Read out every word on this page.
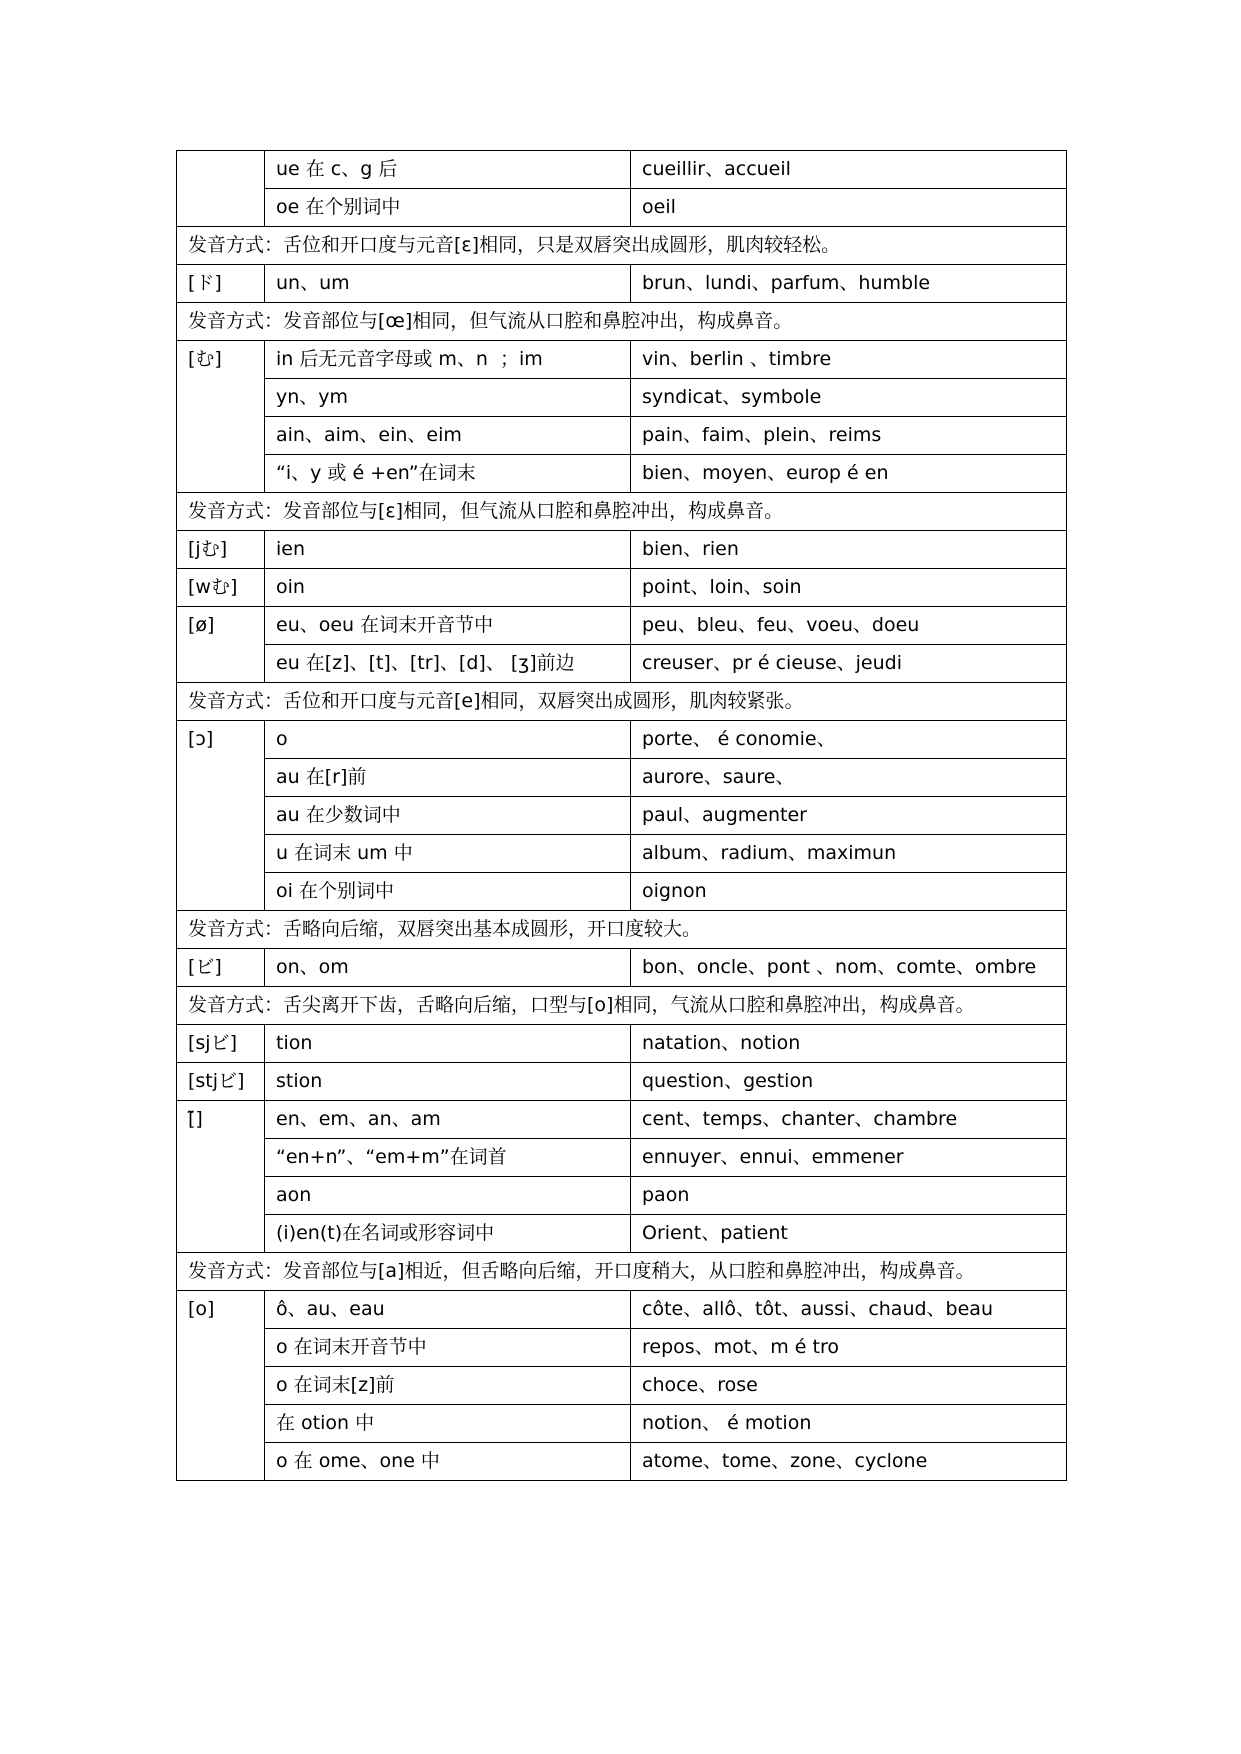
	ue 在 c、g 后	cueillir、accueil
	oe 在个别词中	oeil
发音方式：舌位和开口度与元音[ε]相同，只是双唇突出成圆形，肌肉较轻松。		
[ド]	un、um	brun、lundi、parfum、humble
发音方式：发音部位与[œ]相同，但气流从口腔和鼻腔冲出，构成鼻音。		
[む]	in 后无元音字母或 m、n  ；im	vin、berlin 、timbre
	yn、ym	syndicat、symbole
	ain、aim、ein、eim	pain、faim、plein、reims
	“i、y 或 é +en”在词末	bien、moyen、europ é en
发音方式：发音部位与[ε]相同，但气流从口腔和鼻腔冲出，构成鼻音。		
[jむ]	ien	bien、rien
[wむ]	oin	point、loin、soin
[ø]	eu、oeu 在词末开音节中	peu、bleu、feu、voeu、doeu
	eu 在[z]、[t]、[tr]、[d]、 [ʒ]前边	creuser、pr é cieuse、jeudi
发音方式：舌位和开口度与元音[e]相同，双唇突出成圆形，肌肉较紧张。		
[ɔ]	o	porte、 é conomie、
	au 在[r]前	aurore、saure、
	au 在少数词中	paul、augmenter
	u 在词末 um 中	album、radium、maximun
	oi 在个别词中	oignon
发音方式：舌略向后缩，双唇突出基本成圆形，开口度较大。		
[ビ]	on、om	bon、oncle、pont 、nom、comte、ombre
发音方式：舌尖离开下齿，舌略向后缩，口型与[o]相同，气流从口腔和鼻腔冲出，构成鼻音。		
[sjビ]	tion	natation、notion
[stjビ]	stion	question、gestion
[̃]	en、em、an、am	cent、temps、chanter、chambre
	“en+n”、“em+m”在词首	ennuyer、ennui、emmener
	aon	paon
	(i)en(t)在名词或形容词中	Orient、patient
发音方式：发音部位与[a]相近，但舌略向后缩，开口度稍大，从口腔和鼻腔冲出，构成鼻音。		
[o]	ô、au、eau	côte、allô、tôt、aussi、chaud、beau
	o 在词末开音节中	repos、mot、m é tro
	o 在词末[z]前	choce、rose
	在 otion 中	notion、 é motion
	o 在 ome、one 中	atome、tome、zone、cyclone
